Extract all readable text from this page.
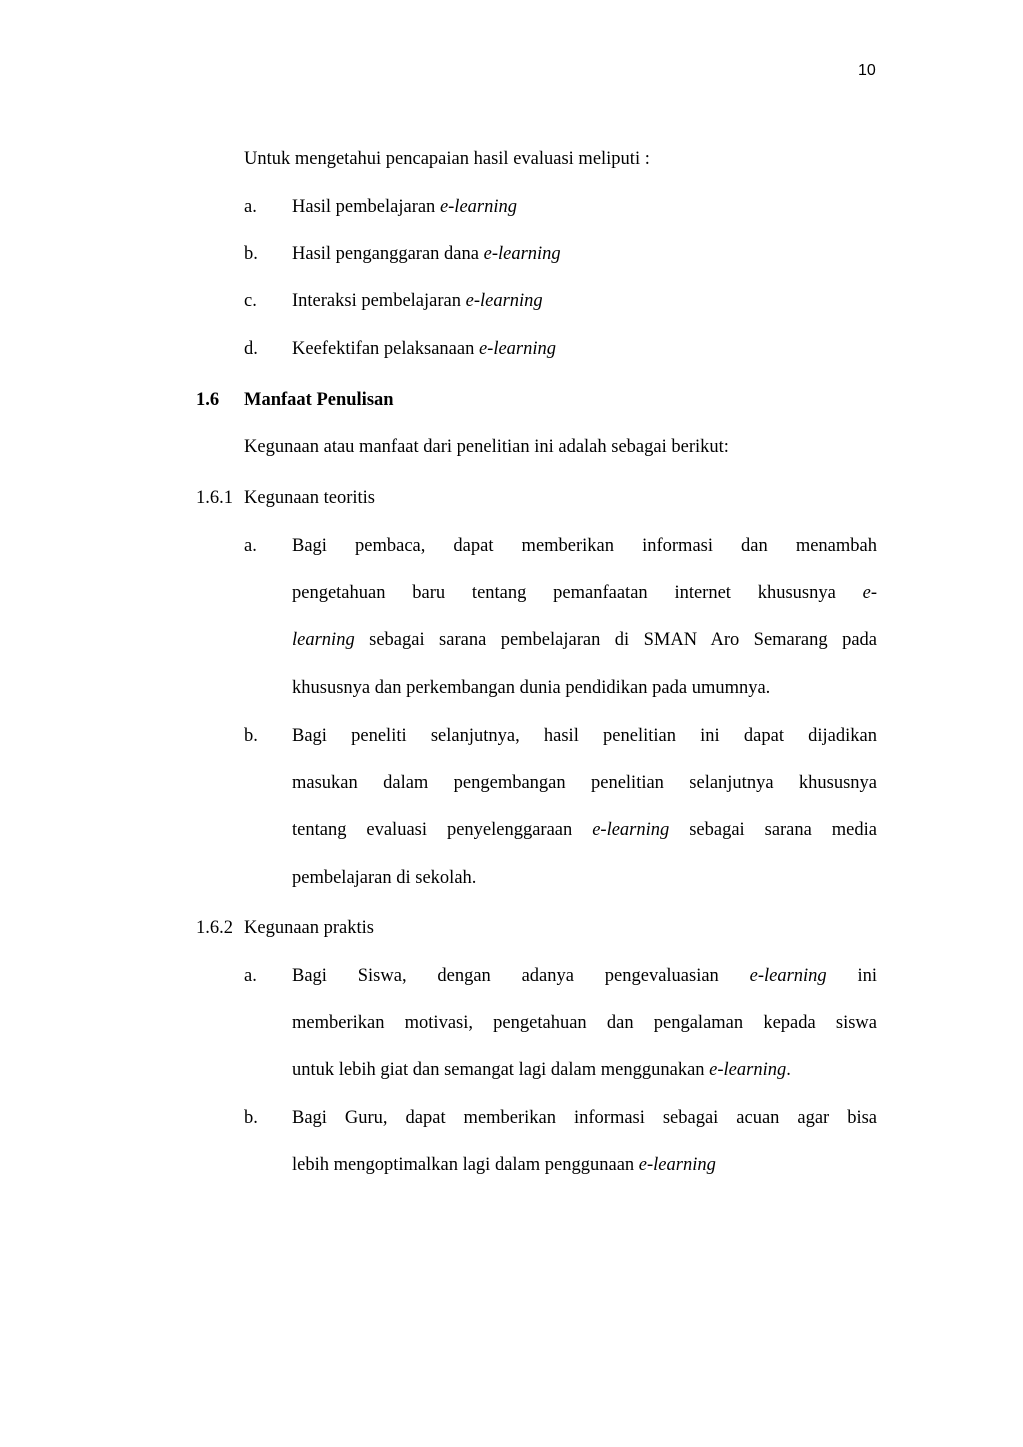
10
Untuk mengetahui pencapaian hasil evaluasi meliputi :
a. Hasil pembelajaran e-learning
b. Hasil penganggaran dana e-learning
c. Interaksi pembelajaran e-learning
d. Keefektifan pelaksanaan e-learning
1.6 Manfaat Penulisan
Kegunaan atau manfaat dari penelitian ini adalah sebagai berikut:
1.6.1 Kegunaan teoritis
a. Bagi pembaca, dapat memberikan informasi dan menambah
pengetahuan baru tentang pemanfaatan internet khususnya e-
learning sebagai sarana pembelajaran di SMAN Aro Semarang pada
khususnya dan perkembangan dunia pendidikan pada umumnya.
b. Bagi peneliti selanjutnya, hasil penelitian ini dapat dijadikan
masukan dalam pengembangan penelitian selanjutnya khususnya
tentang evaluasi penyelenggaraan e-learning sebagai sarana media
pembelajaran di sekolah.
1.6.2 Kegunaan praktis
a. Bagi Siswa, dengan adanya pengevaluasian e-learning ini
memberikan motivasi, pengetahuan dan pengalaman kepada siswa
untuk lebih giat dan semangat lagi dalam menggunakan e-learning.
b. Bagi Guru, dapat memberikan informasi sebagai acuan agar bisa
lebih mengoptimalkan lagi dalam penggunaan e-learning
